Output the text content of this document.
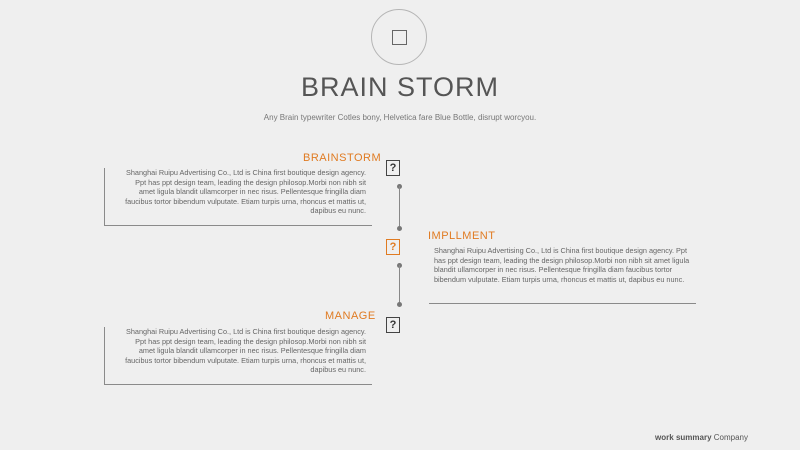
BRAIN STORM
Any Brain typewriter Cotles bony, Helvetica fare Blue Bottle, disrupt worcyou.
BRAINSTORM
?
Shanghai Ruipu Advertising Co., Ltd is China first boutique design agency. Ppt has ppt design team, leading the design philosop.Morbi non nibh sit amet ligula blandit ullamcorper in nec risus. Pellentesque fringilla diam faucibus tortor bibendum vulputate. Etiam turpis urna, rhoncus et mattis ut, dapibus eu nunc.
IMPLLMENT
?	Shanghai Ruipu Advertising Co., Ltd is China first boutique design agency. Ppt has ppt design team, leading the design philosop.Morbi non nibh sit amet ligula blandit ullamcorper in nec risus. Pellentesque fringilla diam faucibus tortor bibendum vulputate. Etiam turpis urna, rhoncus et mattis ut, dapibus eu nunc.
MANAGE
?
Shanghai Ruipu Advertising Co., Ltd is China first boutique design agency. Ppt has ppt design team, leading the design philosop.Morbi non nibh sit amet ligula blandit ullamcorper in nec risus. Pellentesque fringilla diam faucibus tortor bibendum vulputate. Etiam turpis urna, rhoncus et mattis ut, dapibus eu nunc.
work summary Company
